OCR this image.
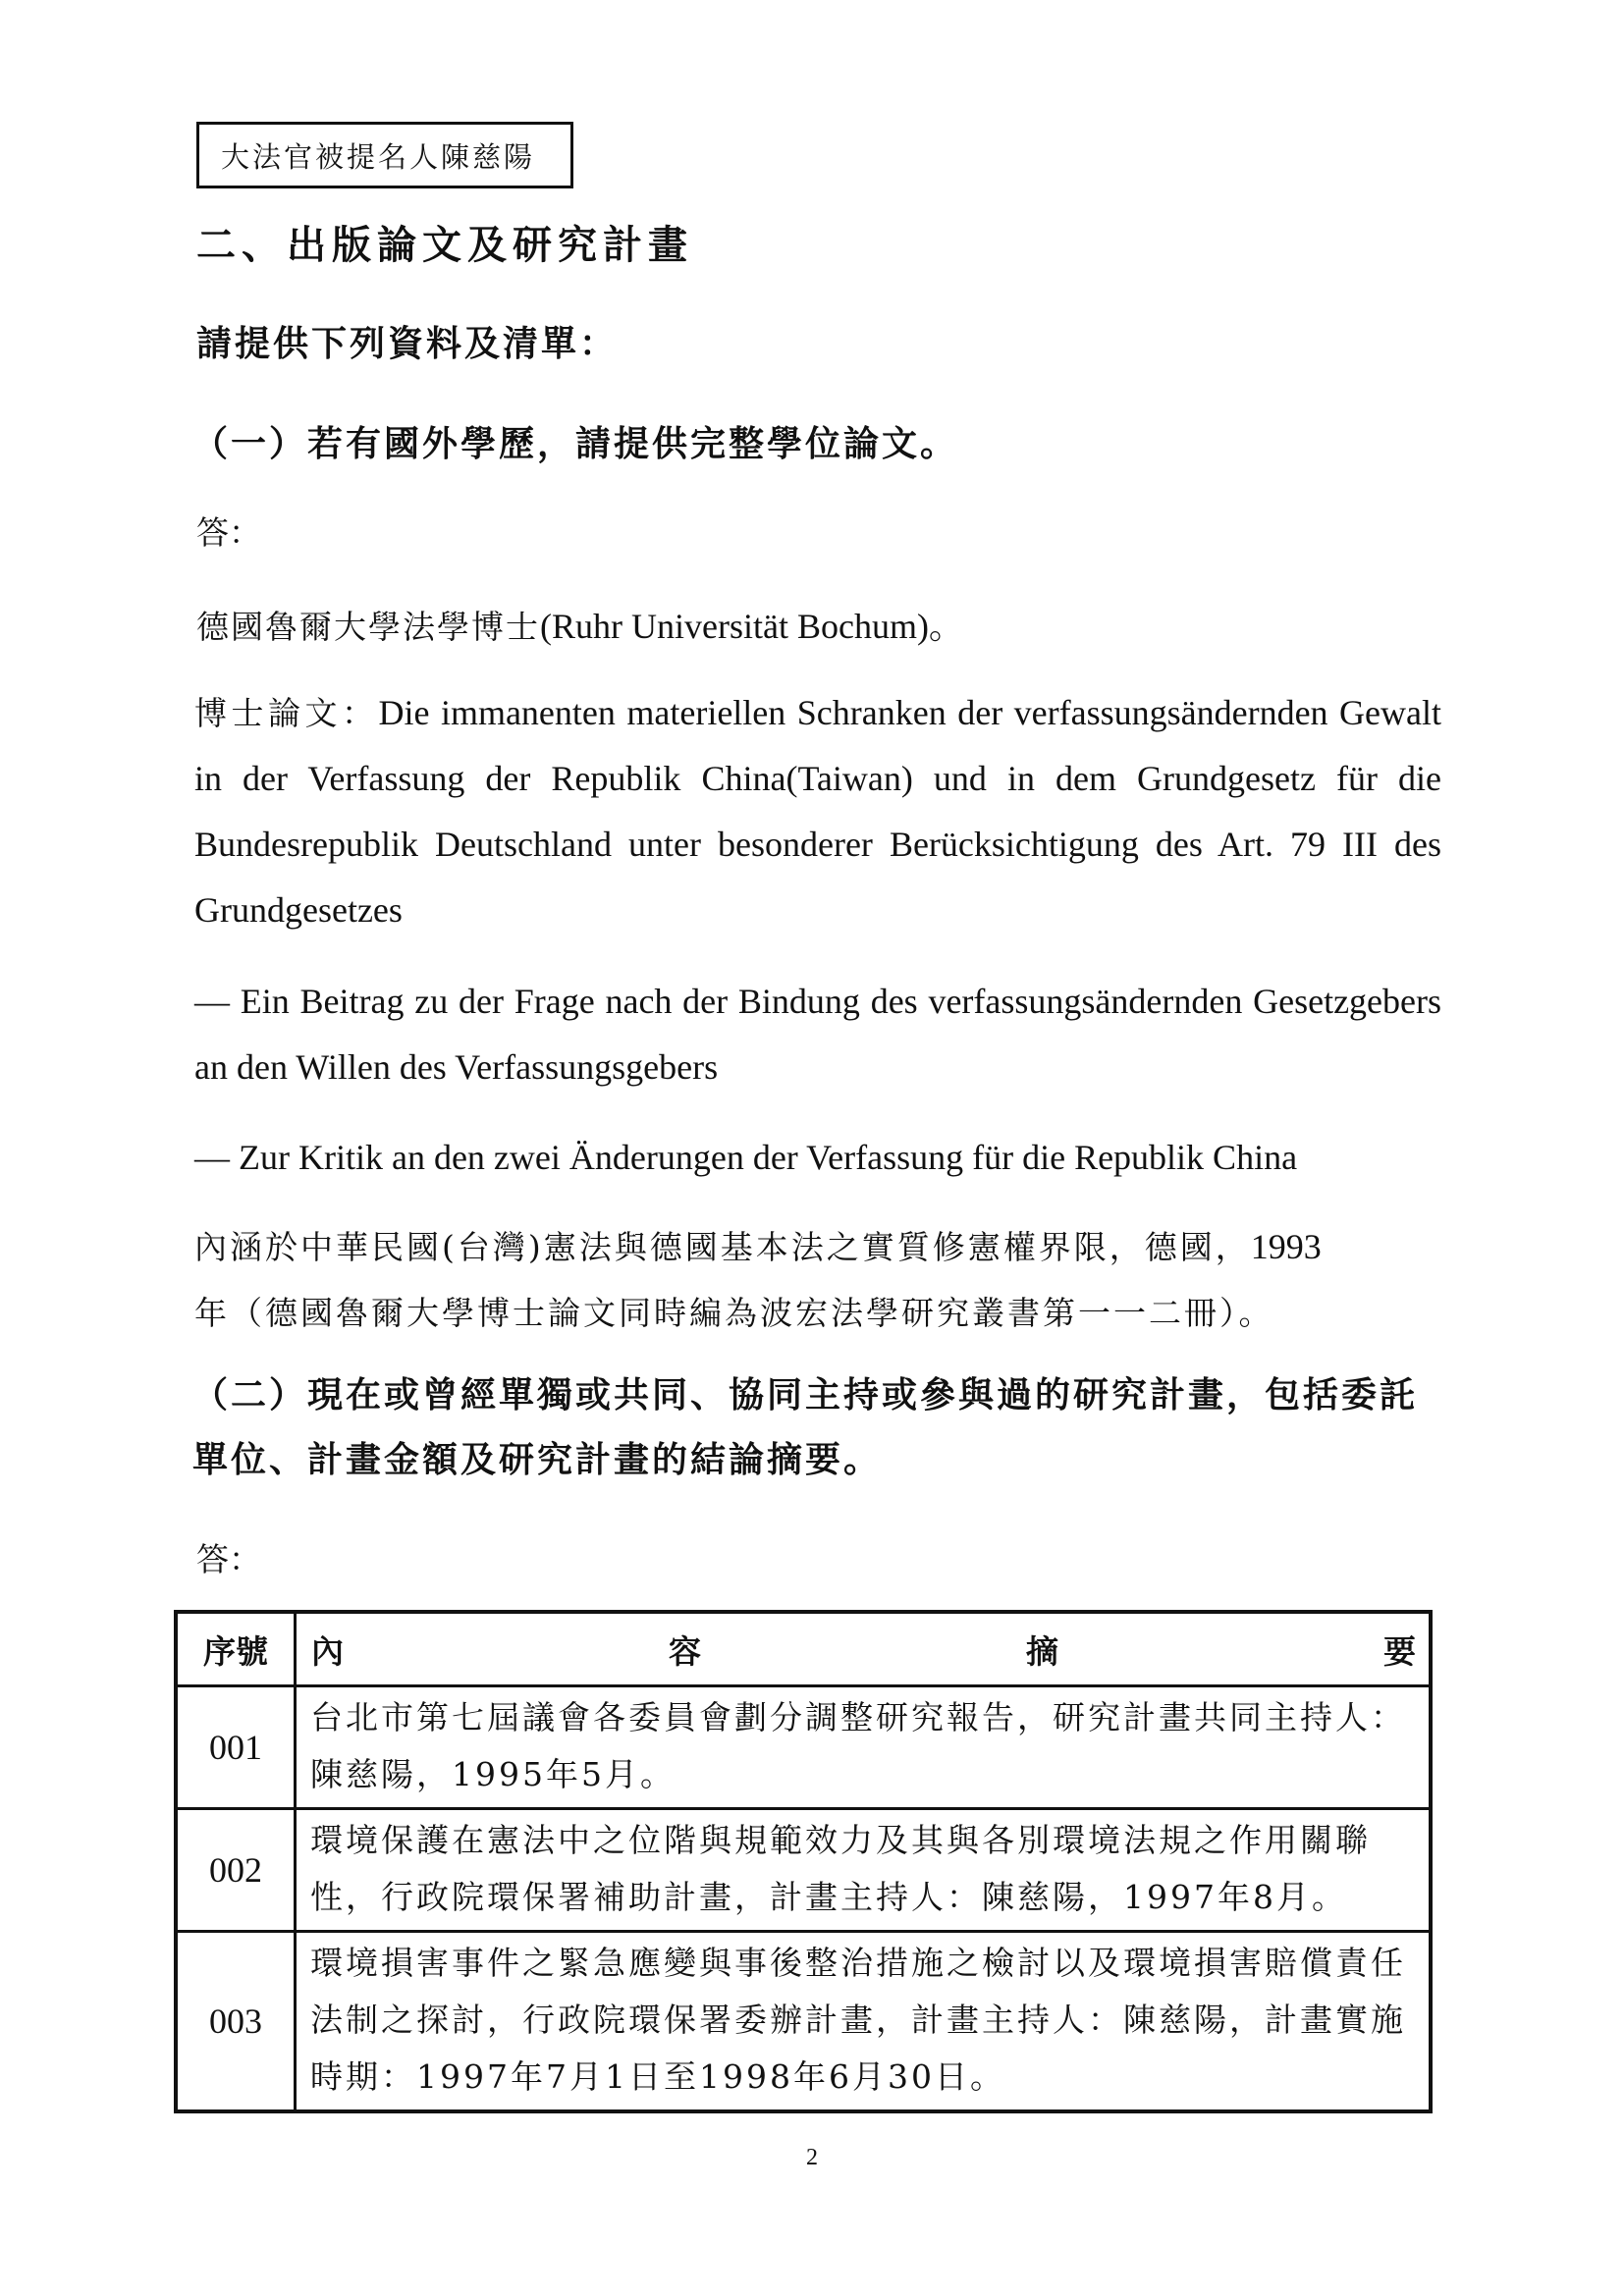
大法官被提名人陳慈陽
二、出版論文及研究計畫
請提供下列資料及清單：
（一）若有國外學歷，請提供完整學位論文。
答：
德國魯爾大學法學博士(Ruhr Universität Bochum)。
博士論文：Die immanenten materiellen Schranken der verfassungsändernden Gewalt in der Verfassung der Republik China(Taiwan) und in dem Grundgesetz für die Bundesrepublik Deutschland unter besonderer Berücksichtigung des Art. 79 III des Grundgesetzes
— Ein Beitrag zu der Frage nach der Bindung des verfassungsändernden Gesetzgebers an den Willen des Verfassungsgebers
— Zur Kritik an den zwei Änderungen der Verfassung für die Republik China
內涵於中華民國(台灣)憲法與德國基本法之實質修憲權界限，德國，1993
年（德國魯爾大學博士論文同時編為波宏法學研究叢書第一一二冊）。
（二）現在或曾經單獨或共同、協同主持或參與過的研究計畫，包括委託單位、計畫金額及研究計畫的結論摘要。
答：
序號	內 容 摘 要

001	台北市第七屆議會各委員會劃分調整研究報告，研究計畫共同主持人：陳慈陽，1995年5月。
002	環境保護在憲法中之位階與規範效力及其與各別環境法規之作用關聯性，行政院環保署補助計畫，計畫主持人：陳慈陽，1997年8月。
003	環境損害事件之緊急應變與事後整治措施之檢討以及環境損害賠償責任法制之探討，行政院環保署委辦計畫，計畫主持人：陳慈陽，計畫實施時期：1997年7月1日至1998年6月30日。
2
